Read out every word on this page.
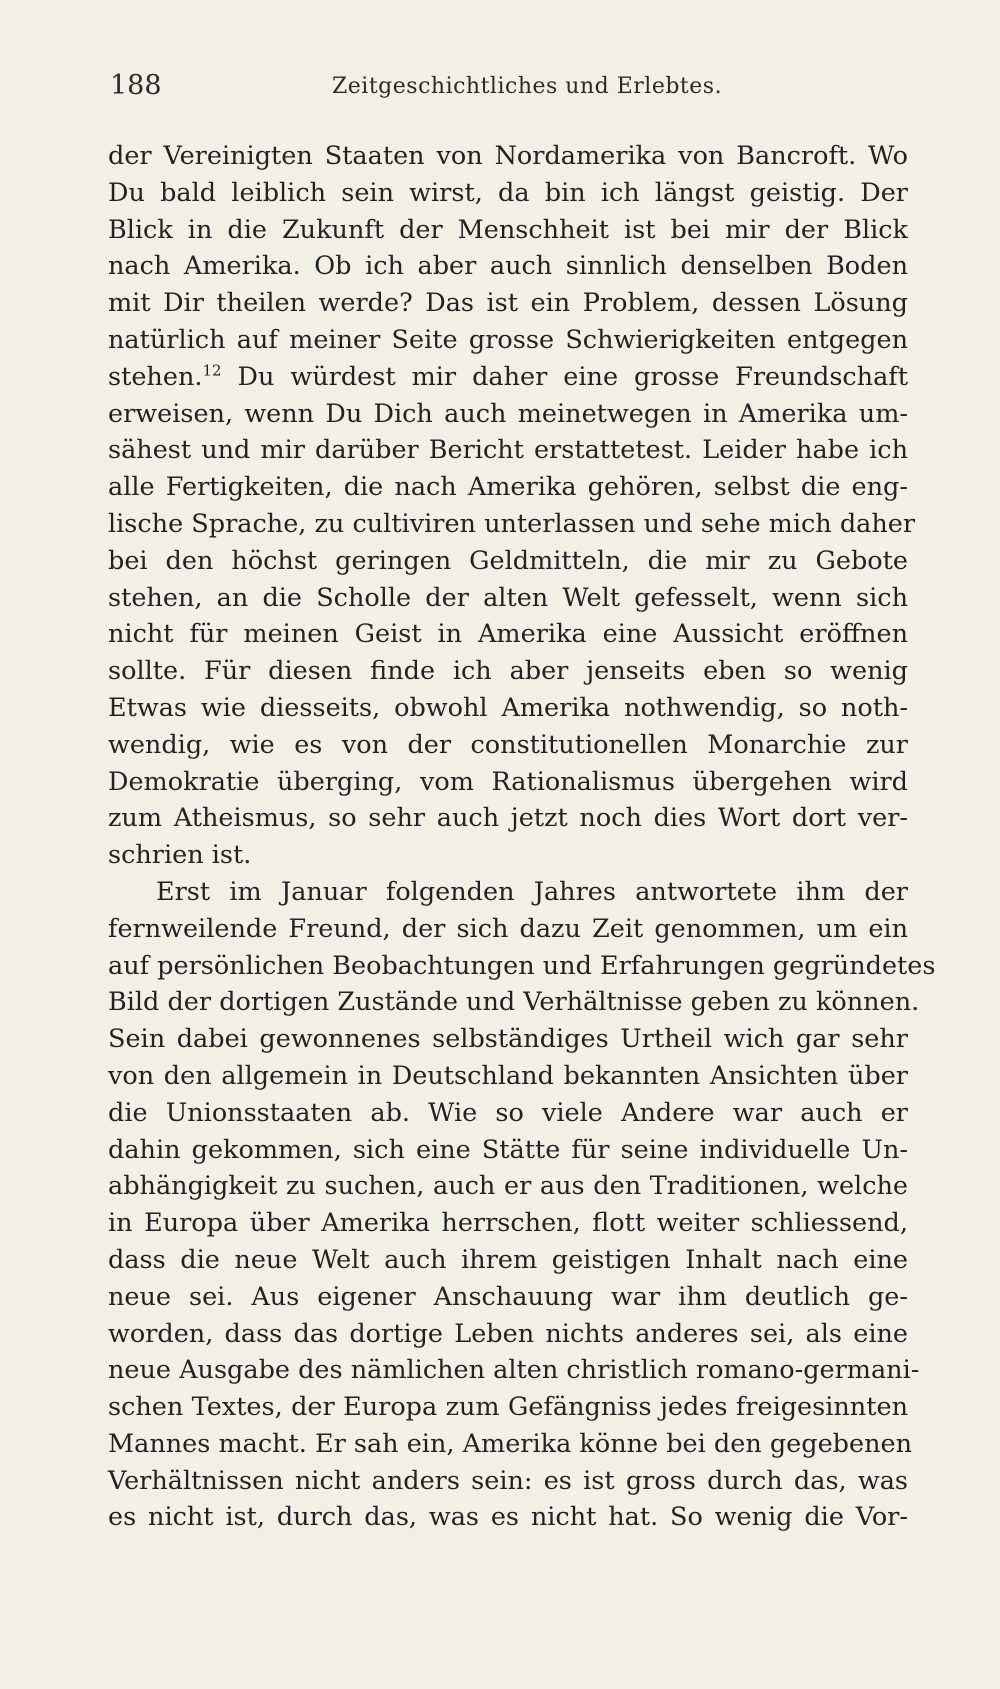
188	Zeitgeschichtliches und Erlebtes.
der Vereinigten Staaten von Nordamerika von Bancroft. Wo
Du bald leiblich sein wirst, da bin ich längst geistig. Der
Blick in die Zukunft der Menschheit ist bei mir der Blick
nach Amerika. Ob ich aber auch sinnlich denselben Boden
mit Dir theilen werde? Das ist ein Problem, dessen Lösung
natürlich auf meiner Seite grosse Schwierigkeiten entgegen
stehen.$^{12}$ Du würdest mir daher eine grosse Freundschaft
erweisen, wenn Du Dich auch meinetwegen in Amerika um-
sähest und mir darüber Bericht erstattetest. Leider habe ich
alle Fertigkeiten, die nach Amerika gehören, selbst die eng-
lische Sprache, zu cultiviren unterlassen und sehe mich daher
bei den höchst geringen Geldmitteln, die mir zu Gebote
stehen, an die Scholle der alten Welt gefesselt, wenn sich
nicht für meinen Geist in Amerika eine Aussicht eröffnen
sollte. Für diesen finde ich aber jenseits eben so wenig
Etwas wie diesseits, obwohl Amerika nothwendig, so noth-
wendig, wie es von der constitutionellen Monarchie zur
Demokratie überging, vom Rationalismus übergehen wird
zum Atheismus, so sehr auch jetzt noch dies Wort dort ver-
schrien ist.
Erst im Januar folgenden Jahres antwortete ihm der
fernweilende Freund, der sich dazu Zeit genommen, um ein
auf persönlichen Beobachtungen und Erfahrungen gegründetes
Bild der dortigen Zustände und Verhältnisse geben zu können.
Sein dabei gewonnenes selbständiges Urtheil wich gar sehr
von den allgemein in Deutschland bekannten Ansichten über
die Unionsstaaten ab. Wie so viele Andere war auch er
dahin gekommen, sich eine Stätte für seine individuelle Un-
abhängigkeit zu suchen, auch er aus den Traditionen, welche
in Europa über Amerika herrschen, flott weiter schliessend,
dass die neue Welt auch ihrem geistigen Inhalt nach eine
neue sei. Aus eigener Anschauung war ihm deutlich ge-
worden, dass das dortige Leben nichts anderes sei, als eine
neue Ausgabe des nämlichen alten christlich romano-germani-
schen Textes, der Europa zum Gefängniss jedes freigesinnten
Mannes macht. Er sah ein, Amerika könne bei den gegebenen
Verhältnissen nicht anders sein: es ist gross durch das, was
es nicht ist, durch das, was es nicht hat. So wenig die Vor-
